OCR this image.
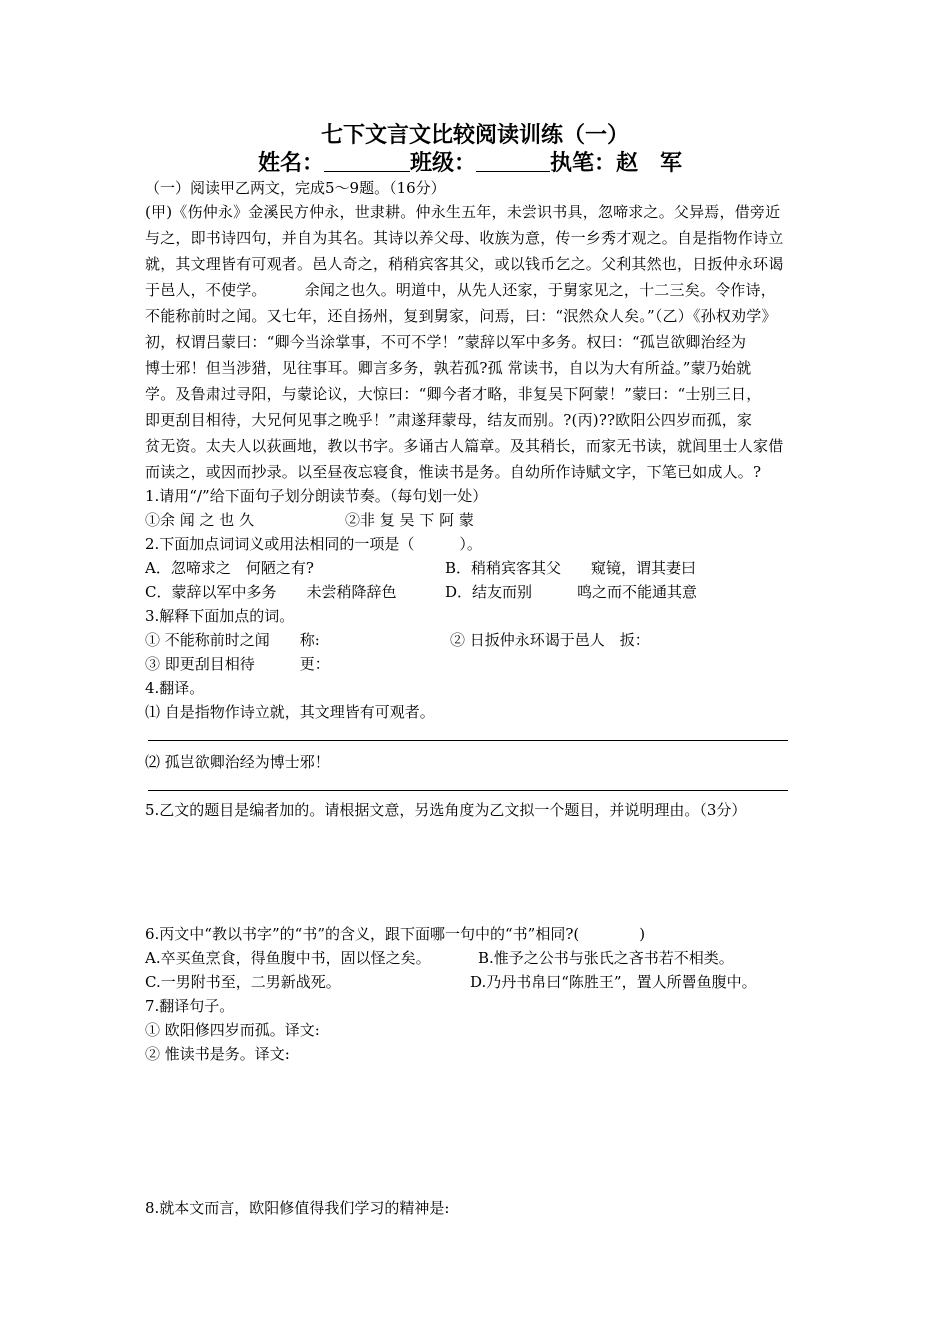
七下文言文比较阅读训练（一）
姓名：	班级：	执笔：赵　军
（一）阅读甲乙两文，完成5～9题。（16分）
(甲)《伤仲永》金溪民方仲永，世隶耕。仲永生五年，未尝识书具，忽啼求之。父异焉，借旁近
与之，即书诗四句，并自为其名。其诗以养父母、收族为意，传一乡秀才观之。自是指物作诗立
就，其文理皆有可观者。邑人奇之，稍稍宾客其父，或以钱币乞之。父利其然也，日扳仲永环谒
于邑人，不使学。　　　余闻之也久。明道中，从先人还家，于舅家见之，十二三矣。令作诗，
不能称前时之闻。又七年，还自扬州，复到舅家，问焉，曰：“泯然众人矣。”（乙）《孙权劝学》
初，权谓吕蒙曰：“卿今当涂掌事，不可不学！”蒙辞以军中多务。权曰：“孤岂欲卿治经为
博士邪！但当涉猎，见往事耳。卿言多务，孰若孤?孤 常读书，自以为大有所益。”蒙乃始就
学。及鲁肃过寻阳，与蒙论议，大惊曰：“卿今者才略，非复吴下阿蒙！”蒙曰：“士别三日，
即更刮目相待，大兄何见事之晚乎！”肃遂拜蒙母，结友而别。?(丙)??欧阳公四岁而孤，家
贫无资。太夫人以荻画地，教以书字。多诵古人篇章。及其稍长，而家无书读，就闾里士人家借
而读之，或因而抄录。以至昼夜忘寝食，惟读书是务。自幼所作诗赋文字，下笔已如成人。?
1.请用“/”给下面句子划分朗读节奏。（每句划一处）
①余 闻 之 也 久	②非 复 吴 下 阿 蒙
2.下面加点词词义或用法相同的一项是（　　　）。
A．忽啼求之　何陋之有?	B．稍稍宾客其父　　窥镜，谓其妻曰
C．蒙辞以军中多务　　未尝稍降辞色	D．结友而别　　　鸣之而不能通其意
3.解释下面加点的词。
① 不能称前时之闻　　称:	② 日扳仲永环谒于邑人　扳：
③ 即更刮目相待　　　更：
4.翻译。
⑴ 自是指物作诗立就，其文理皆有可观者。
⑵ 孤岂欲卿治经为博士邪！
5.乙文的题目是编者加的。请根据文意，另选角度为乙文拟一个题目，并说明理由。（3分）
6.丙文中“教以书字”的“书”的含义，跟下面哪一句中的“书”相同?(　　　　)
A.卒买鱼烹食，得鱼腹中书，固以怪之矣。	B.惟予之公书与张氏之吝书若不相类。
C.一男附书至，二男新战死。	D.乃丹书帛曰“陈胜王”，置人所罾鱼腹中。
7.翻译句子。
① 欧阳修四岁而孤。译文:
② 惟读书是务。译文:
8.就本文而言，欧阳修值得我们学习的精神是:
